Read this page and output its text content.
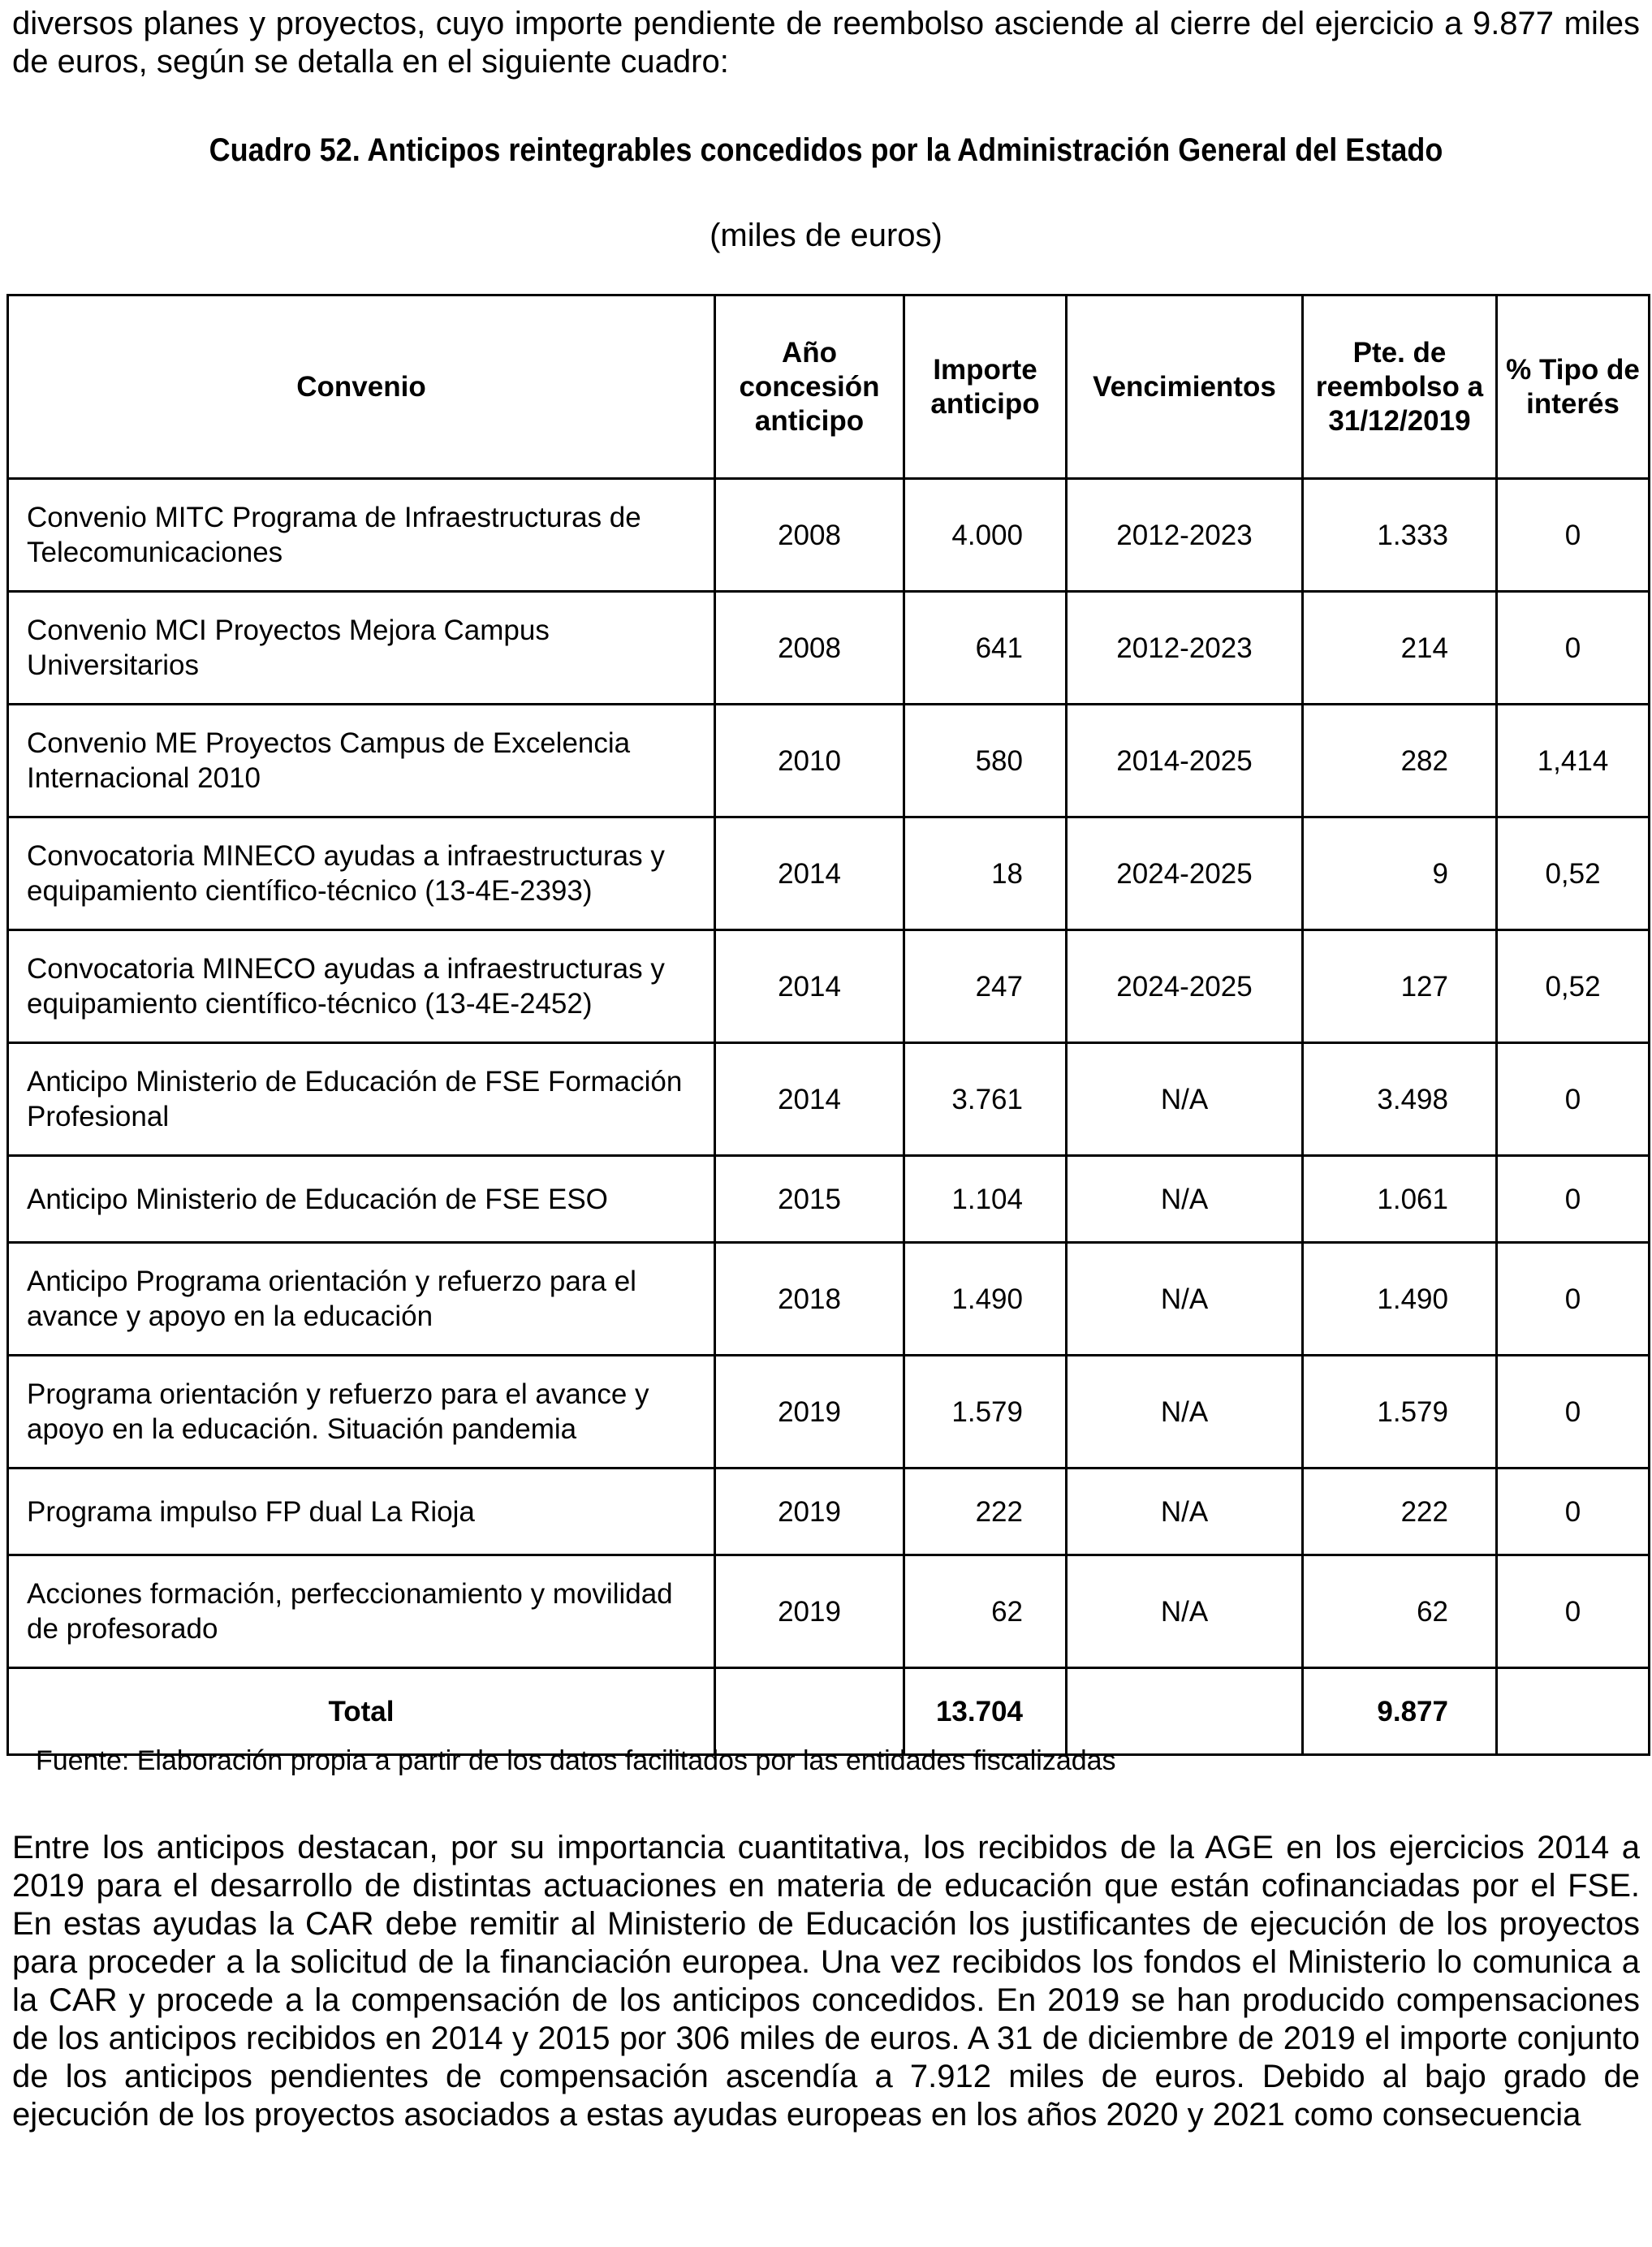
diversos planes y proyectos, cuyo importe pendiente de reembolso asciende al cierre del ejercicio a 9.877 miles de euros, según se detalla en el siguiente cuadro:

Cuadro 52. Anticipos reintegrables concedidos por la Administración General del Estado
(miles de euros)
Convenio	Año concesión anticipo	Importe anticipo	Vencimientos	Pte. de reembolso a 31/12/2019	% Tipo de interés
Convenio MITC Programa de Infraestructuras de Telecomunicaciones	2008	4.000	2012-2023	1.333	0
Convenio MCI Proyectos Mejora Campus Universitarios	2008	641	2012-2023	214	0
Convenio ME Proyectos Campus de Excelencia Internacional 2010	2010	580	2014-2025	282	1,414
Convocatoria MINECO ayudas a infraestructuras y equipamiento científico-técnico (13-4E-2393)	2014	18	2024-2025	9	0,52
Convocatoria MINECO ayudas a infraestructuras y equipamiento científico-técnico (13-4E-2452)	2014	247	2024-2025	127	0,52
Anticipo Ministerio de Educación de FSE Formación Profesional	2014	3.761	N/A	3.498	0
Anticipo Ministerio de Educación de FSE ESO	2015	1.104	N/A	1.061	0
Anticipo Programa orientación y refuerzo para el avance y apoyo en la educación	2018	1.490	N/A	1.490	0
Programa orientación y refuerzo para el avance y apoyo en la educación. Situación pandemia	2019	1.579	N/A	1.579	0
Programa impulso FP dual La Rioja	2019	222	N/A	222	0
Acciones formación, perfeccionamiento y movilidad de profesorado	2019	62	N/A	62	0
Total		13.704		9.877	
Fuente: Elaboración propia a partir de los datos facilitados por las entidades fiscalizadas

Entre los anticipos destacan, por su importancia cuantitativa, los recibidos de la AGE en los ejercicios 2014 a 2019 para el desarrollo de distintas actuaciones en materia de educación que están cofinanciadas por el FSE. En estas ayudas la CAR debe remitir al Ministerio de Educación los justificantes de ejecución de los proyectos para proceder a la solicitud de la financiación europea. Una vez recibidos los fondos el Ministerio lo comunica a la CAR y procede a la compensación de los anticipos concedidos. En 2019 se han producido compensaciones de los anticipos recibidos en 2014 y 2015 por 306 miles de euros. A 31 de diciembre de 2019 el importe conjunto de los anticipos pendientes de compensación ascendía a 7.912 miles de euros. Debido al bajo grado de ejecución de los proyectos asociados a estas ayudas europeas en los años 2020 y 2021 como consecuencia
